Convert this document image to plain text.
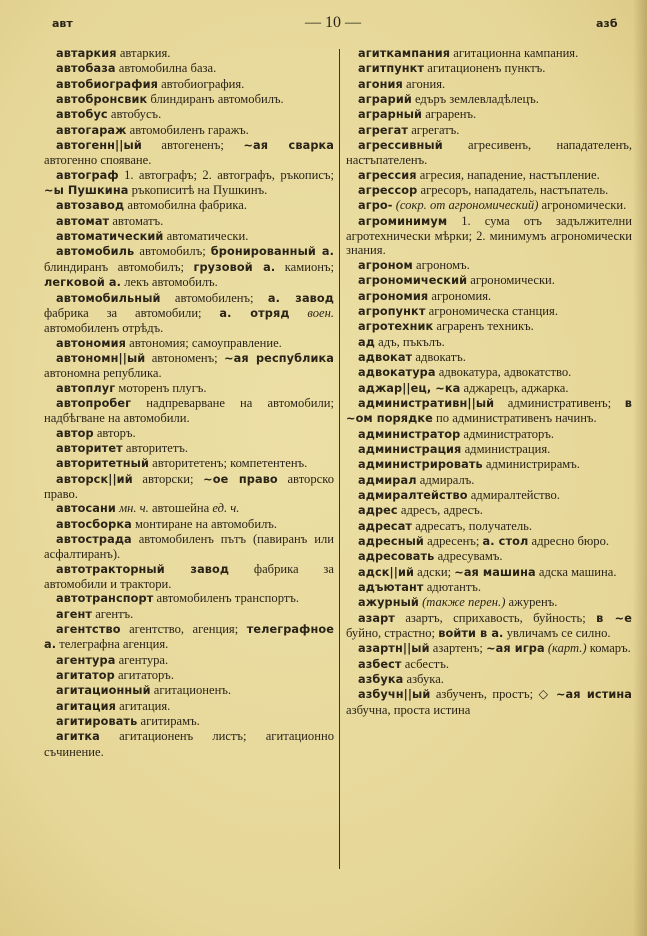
авт	— 10 —	азб

автаркия автаркия.

автобаза автомобилна база.

автобиография автобиография.

автобронсвик блиндиранъ автомобилъ.

автобус автобусъ.

автогараж автомобиленъ гаражъ.

автогенн||ый автогененъ; ~ая сварка автогенно спояване.

автограф 1. автографъ; 2. автографъ, ръкописъ; ~ы Пушкина ръкописитѣ на Пушкинъ.

автозавод автомобилна фабрика.

автомат автоматъ.

автоматический автоматически.

автомобиль автомобилъ; бронированный а. блиндиранъ автомобилъ; грузовой а. камионъ; легковой а. лекъ автомобилъ.

автомобильный автомобиленъ; а. завод фабрика за автомобили; а. отряд воен. автомобиленъ отрѣдъ.

автономия автономия; самоуправление.

автономн||ый автономенъ; ~ая республика автономна република.

автоплуг моторенъ плугъ.

автопробег надпреварване на автомобили; надбѣгване на автомобили.

автор авторъ.

авторитет авторитетъ.

авторитетный авторитетенъ; компетентенъ.

авторск||ий авторски; ~ое право авторско право.

автосани мн. ч. автошейна ед. ч.

автосборка монтиране на автомобилъ.

автострада автомобиленъ пътъ (павиранъ или асфалтиранъ).

автотракторный завод фабрика за автомобили и трактори.

автотранспорт автомобиленъ транспортъ.

агент агентъ.

агентство агентство, агенция; телеграфное а. телеграфна агенция.

агентура агентура.

агитатор агитаторъ.

агитационный агитационенъ.

агитация агитация.

агитировать агитирамъ.

агитка агитационенъ листъ; агитационно съчинение.

агиткампания агитационна кампания.

агитпункт агитационенъ пунктъ.

агония агония.

аграрий едъръ землевладѣлецъ.

аграрный аграренъ.

агрегат агрегатъ.

агрессивный агресивенъ, нападателенъ, настъпателенъ.

агрессия агресия, нападение, настъпление.

агрессор агресоръ, нападатель, настъпатель.

агро- (сокр. от агрономический) агрономически.

агроминимум 1. сума отъ задължителни агротехнически мѣрки; 2. минимумъ агрономически знания.

агроном агрономъ.

агрономический агрономически.

агрономия агрономия.

агропункт агрономическа станция.

агротехник аграренъ техникъ.

ад адъ, пъкълъ.

адвокат адвокатъ.

адвокатура адвокатура, адвокатство.

аджар||ец, ~ка аджарецъ, аджарка.

административн||ый административенъ; в ~ом порядке по административенъ начинъ.

администратор администраторъ.

администрация администрация.

администрировать администрирамъ.

адмирал адмиралъ.

адмиралтейство адмиралтейство.

адрес адресъ, адресъ.

адресат адресатъ, получатель.

адресный адресенъ; а. стол адресно бюро.

адресовать адресувамъ.

адск||ий адски; ~ая машина адска машина.

адъютант адютантъ.

ажурный (также перен.) ажуренъ.

азарт азартъ, сприхавость, буйность; в ~е буйно, страстно; войти в а. увличамъ се силно.

азартн||ый азартенъ; ~ая игра (карт.) комаръ.

азбест асбестъ.

азбука азбука.

азбучн||ый азбученъ, простъ; ◇ ~ая истина азбучна, проста истина
